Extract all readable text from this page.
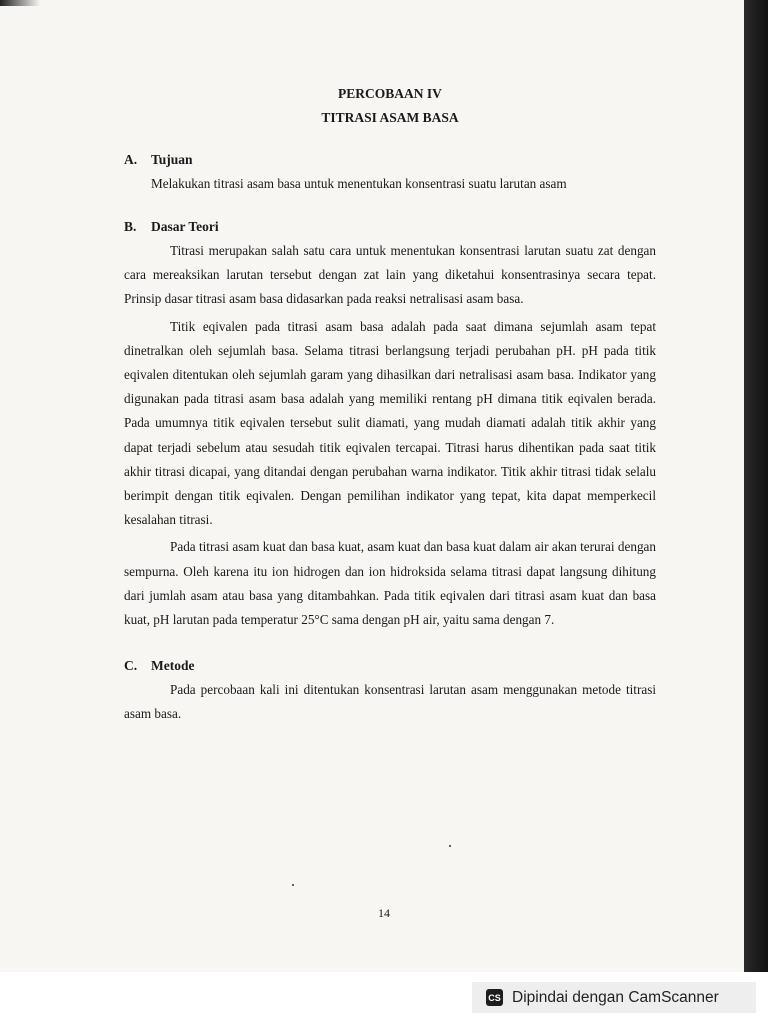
PERCOBAAN IV

TITRASI ASAM BASA

A. Tujuan

Melakukan titrasi asam basa untuk menentukan konsentrasi suatu larutan asam

B. Dasar Teori

Titrasi merupakan salah satu cara untuk menentukan konsentrasi larutan suatu zat dengan cara mereaksikan larutan tersebut dengan zat lain yang diketahui konsentrasinya secara tepat. Prinsip dasar titrasi asam basa didasarkan pada reaksi netralisasi asam basa.

Titik eqivalen pada titrasi asam basa adalah pada saat dimana sejumlah asam tepat dinetralkan oleh sejumlah basa. Selama titrasi berlangsung terjadi perubahan pH. pH pada titik eqivalen ditentukan oleh sejumlah garam yang dihasilkan dari netralisasi asam basa. Indikator yang digunakan pada titrasi asam basa adalah yang memiliki rentang pH dimana titik eqivalen berada. Pada umumnya titik eqivalen tersebut sulit diamati, yang mudah diamati adalah titik akhir yang dapat terjadi sebelum atau sesudah titik eqivalen tercapai. Titrasi harus dihentikan pada saat titik akhir titrasi dicapai, yang ditandai dengan perubahan warna indikator. Titik akhir titrasi tidak selalu berimpit dengan titik eqivalen. Dengan pemilihan indikator yang tepat, kita dapat memperkecil kesalahan titrasi.

Pada titrasi asam kuat dan basa kuat, asam kuat dan basa kuat dalam air akan terurai dengan sempurna. Oleh karena itu ion hidrogen dan ion hidroksida selama titrasi dapat langsung dihitung dari jumlah asam atau basa yang ditambahkan. Pada titik eqivalen dari titrasi asam kuat dan basa kuat, pH larutan pada temperatur 25°C sama dengan pH air, yaitu sama dengan 7.

C. Metode

Pada percobaan kali ini ditentukan konsentrasi larutan asam menggunakan metode titrasi asam basa.

14
CS Dipindai dengan CamScanner
